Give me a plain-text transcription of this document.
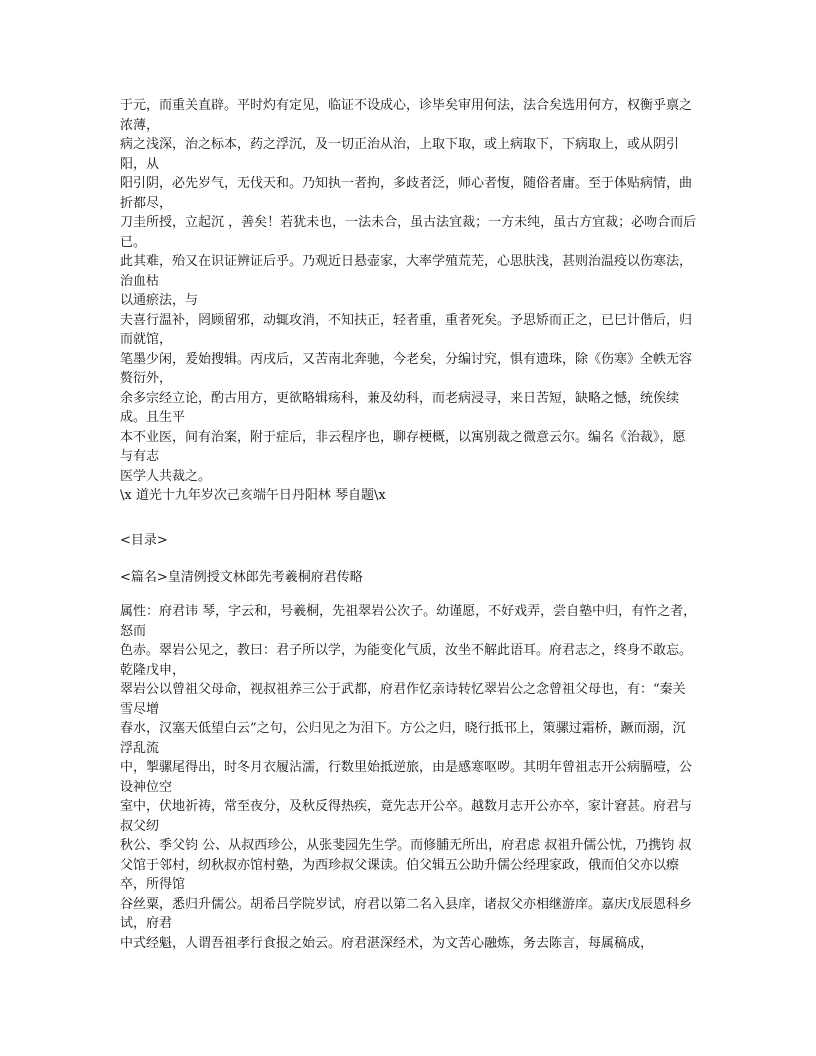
于元，而重关直辟。平时灼有定见，临证不设成心，诊毕矣审用何法，法合矣选用何方，权衡乎禀之浓薄，

病之浅深，治之标本，药之浮沉，及一切正治从治，上取下取，或上病取下，下病取上，或从阴引阳，从

阳引阴，必先岁气，无伐天和。乃知执一者拘，多歧者泛，师心者愎，随俗者庸。至于体贴病情，曲折都尽，

刀圭所授，立起沉 ，善矣！若犹未也，一法未合，虽古法宜裁；一方未纯，虽古方宜裁；必吻合而后已。

此其难，殆又在识证辨证后乎。乃观近日悬壶家，大率学殖荒芜，心思肤浅，甚则治温疫以伤寒法，治血枯

以通瘀法，与

夫喜行温补，罔顾留邪，动辄攻消，不知扶正，轻者重，重者死矣。予思矫而正之，已巳计偕后，归而就馆，

笔墨少闲，爰始搜辑。丙戌后，又苦南北奔驰，今老矣，分编讨究，惧有遗珠，除《伤寒》全帙无容赘衍外，

余多宗经立论，酌古用方，更欲略辑疡科，兼及幼科，而老病浸寻，来日苦短，缺略之憾，统俟续成。且生平

本不业医，间有治案，附于症后，非云程序也，聊存梗概，以寓别裁之微意云尔。编名《治裁》，愿与有志

医学人共裁之。

\x 道光十九年岁次己亥端午日丹阳林 琴自题\x

<目录>

<篇名>皇清例授文林郎先考羲桐府君传略

属性：府君讳 琴，字云和，号羲桐，先祖翠岩公次子。幼谨愿，不好戏弄，尝自塾中归，有忤之者，怒而

色赤。翠岩公见之，教曰：君子所以学，为能变化气质，汝坐不解此语耳。府君志之，终身不敢忘。乾隆戊申，

翠岩公以曾祖父母命，视叔祖养三公于武都，府君作忆亲诗转忆翠岩公之念曾祖父母也，有：“秦关雪尽增

春水，汉塞天低望白云”之句，公归见之为泪下。方公之归，晓行抵邗上，策骡过霜桥，蹶而溺，沉浮乱流

中，掣骡尾得出，时冬月衣履沾濡，行数里始抵逆旅，由是感寒呕哕。其明年曾祖志开公病膈噎，公设神位空

室中，伏地祈祷，常至夜分，及秋反得热疾，竟先志开公卒。越数月志开公亦卒，家计窘甚。府君与叔父纫

秋公、季父钧 公、从叔西珍公，从张斐园先生学。而修脯无所出，府君虑 叔祖升儒公忧，乃携钧 叔

父馆于邻村，纫秋叔亦馆村塾，为西珍叔父课读。伯父辑五公助升儒公经理家政，俄而伯父亦以瘵卒，所得馆

谷丝粟，悉归升儒公。胡希吕学院岁试，府君以第二名入县庠，诸叔父亦相继游庠。嘉庆戊辰恩科乡试，府君

中式经魁，人谓吾祖孝行食报之始云。府君湛深经术，为文苦心融炼，务去陈言，每属稿成，
